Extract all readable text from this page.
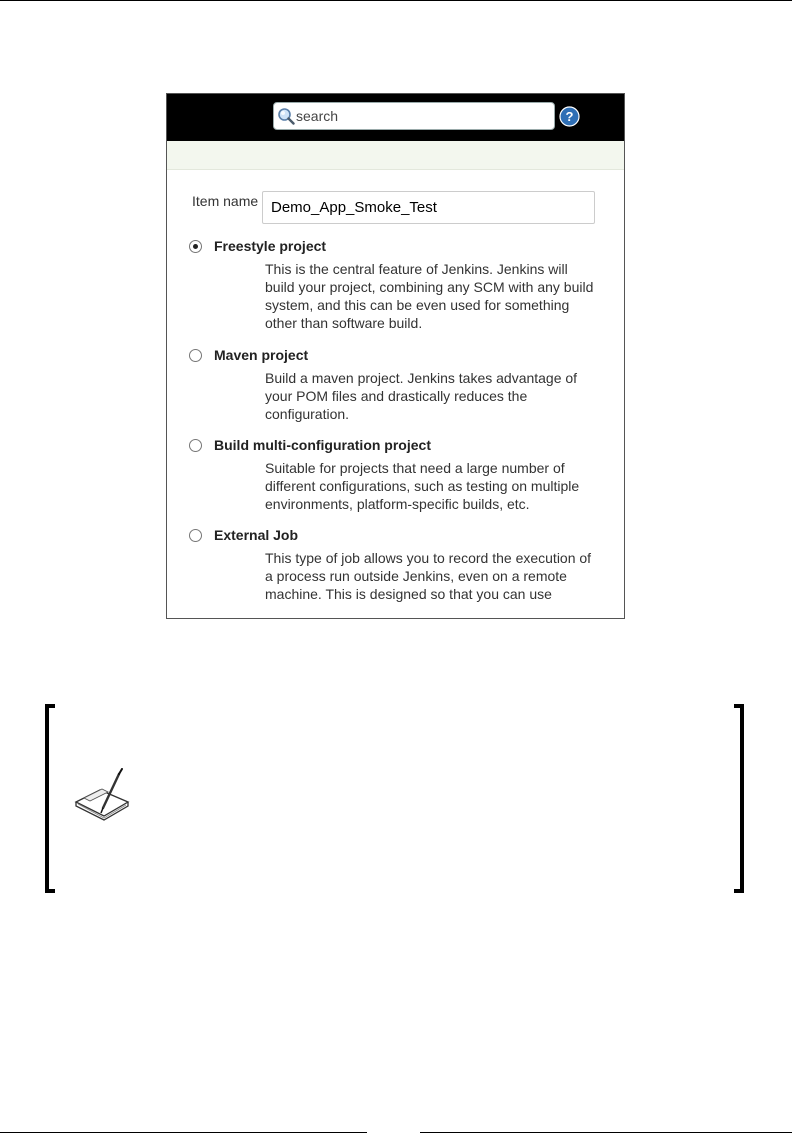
search
?
Item name
Demo_App_Smoke_Test
Freestyle project
This is the central feature of Jenkins. Jenkins will build your project, combining any SCM with any build system, and this can be even used for something other than software build.
Maven project
Build a maven project. Jenkins takes advantage of your POM files and drastically reduces the configuration.
Build multi-configuration project
Suitable for projects that need a large number of different configurations, such as testing on multiple environments, platform-specific builds, etc.
External Job
This type of job allows you to record the execution of a process run outside Jenkins, even on a remote machine. This is designed so that you can use
